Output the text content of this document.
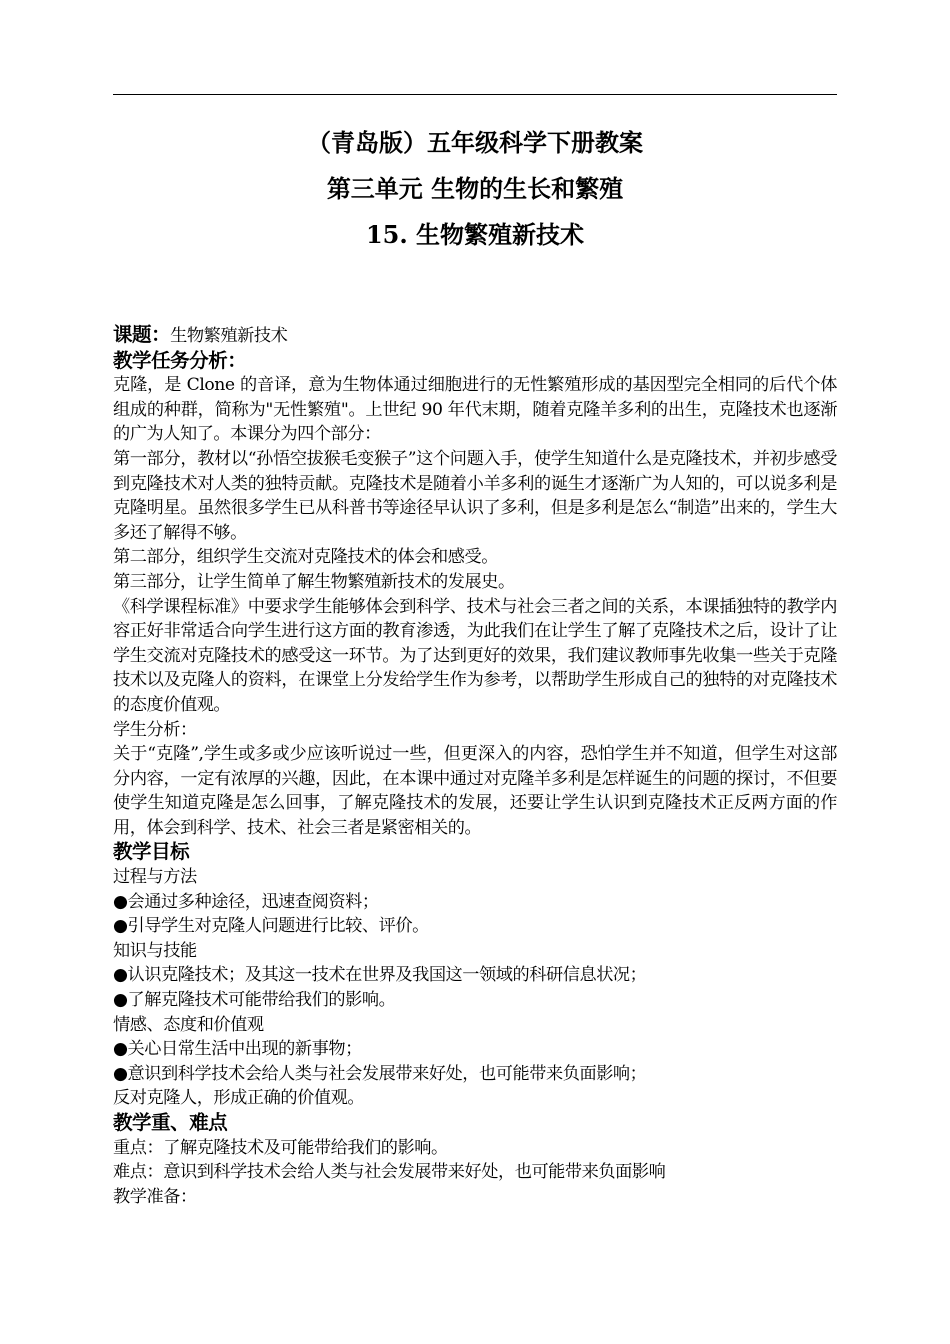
（青岛版）五年级科学下册教案
第三单元 生物的生长和繁殖
15. 生物繁殖新技术

课题：生物繁殖新技术

教学任务分析：

克隆，是 Clone 的音译，意为生物体通过细胞进行的无性繁殖形成的基因型完全相同的后代个体组成的种群，简称为"无性繁殖"。上世纪 90 年代末期，随着克隆羊多利的出生，克隆技术也逐渐的广为人知了。本课分为四个部分：

第一部分，教材以“孙悟空拔猴毛变猴子”这个问题入手，使学生知道什么是克隆技术，并初步感受到克隆技术对人类的独特贡献。克隆技术是随着小羊多利的诞生才逐渐广为人知的，可以说多利是克隆明星。虽然很多学生已从科普书等途径早认识了多利，但是多利是怎么“制造”出来的，学生大多还了解得不够。

第二部分，组织学生交流对克隆技术的体会和感受。

第三部分，让学生简单了解生物繁殖新技术的发展史。

《科学课程标准》中要求学生能够体会到科学、技术与社会三者之间的关系，本课插独特的教学内容正好非常适合向学生进行这方面的教育渗透，为此我们在让学生了解了克隆技术之后，设计了让学生交流对克隆技术的感受这一环节。为了达到更好的效果，我们建议教师事先收集一些关于克隆技术以及克隆人的资料，在课堂上分发给学生作为参考，以帮助学生形成自己的独特的对克隆技术的态度价值观。

学生分析：

关于“克隆”,学生或多或少应该听说过一些，但更深入的内容，恐怕学生并不知道，但学生对这部分内容，一定有浓厚的兴趣，因此，在本课中通过对克隆羊多利是怎样诞生的问题的探讨，不但要使学生知道克隆是怎么回事，了解克隆技术的发展，还要让学生认识到克隆技术正反两方面的作用，体会到科学、技术、社会三者是紧密相关的。

教学目标

过程与方法

●会通过多种途径，迅速查阅资料；

●引导学生对克隆人问题进行比较、评价。

知识与技能

●认识克隆技术；及其这一技术在世界及我国这一领域的科研信息状况；

●了解克隆技术可能带给我们的影响。

情感、态度和价值观

●关心日常生活中出现的新事物；

●意识到科学技术会给人类与社会发展带来好处，也可能带来负面影响；

反对克隆人，形成正确的价值观。

教学重、难点

重点：了解克隆技术及可能带给我们的影响。

难点：意识到科学技术会给人类与社会发展带来好处，也可能带来负面影响

教学准备：
